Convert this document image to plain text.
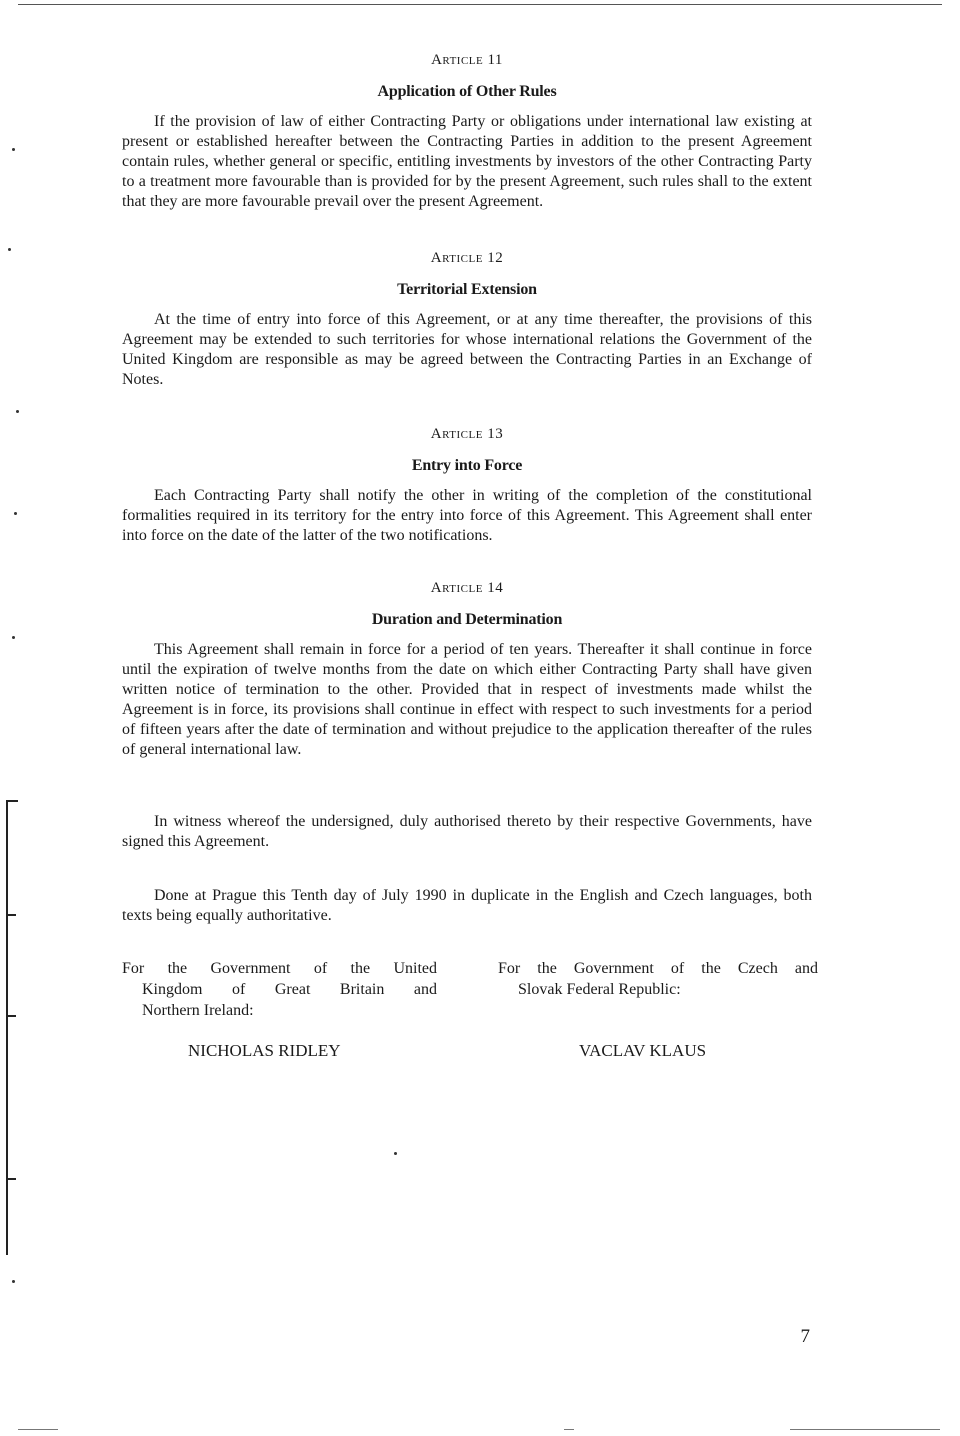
Article 11
Application of Other Rules

If the provision of law of either Contracting Party or obligations under international law existing at present or established hereafter between the Contracting Parties in addition to the present Agreement contain rules, whether general or specific, entitling investments by investors of the other Contracting Party to a treatment more favourable than is provided for by the present Agreement, such rules shall to the extent that they are more favourable prevail over the present Agreement.

Article 12
Territorial Extension

At the time of entry into force of this Agreement, or at any time thereafter, the provisions of this Agreement may be extended to such territories for whose international relations the Government of the United Kingdom are responsible as may be agreed between the Contracting Parties in an Exchange of Notes.

Article 13
Entry into Force

Each Contracting Party shall notify the other in writing of the completion of the constitutional formalities required in its territory for the entry into force of this Agreement. This Agreement shall enter into force on the date of the latter of the two notifications.

Article 14
Duration and Determination

This Agreement shall remain in force for a period of ten years. Thereafter it shall continue in force until the expiration of twelve months from the date on which either Contracting Party shall have given written notice of termination to the other. Provided that in respect of investments made whilst the Agreement is in force, its provisions shall continue in effect with respect to such investments for a period of fifteen years after the date of termination and without prejudice to the application thereafter of the rules of general international law.

In witness whereof the undersigned, duly authorised thereto by their respective Governments, have signed this Agreement.

Done at Prague this Tenth day of July 1990 in duplicate in the English and Czech languages, both texts being equally authoritative.

For the Government of the United
Kingdom of Great Britain and
Northern Ireland:
For the Government of the Czech and
Slovak Federal Republic:
NICHOLAS RIDLEY	VACLAV KLAUS
7
